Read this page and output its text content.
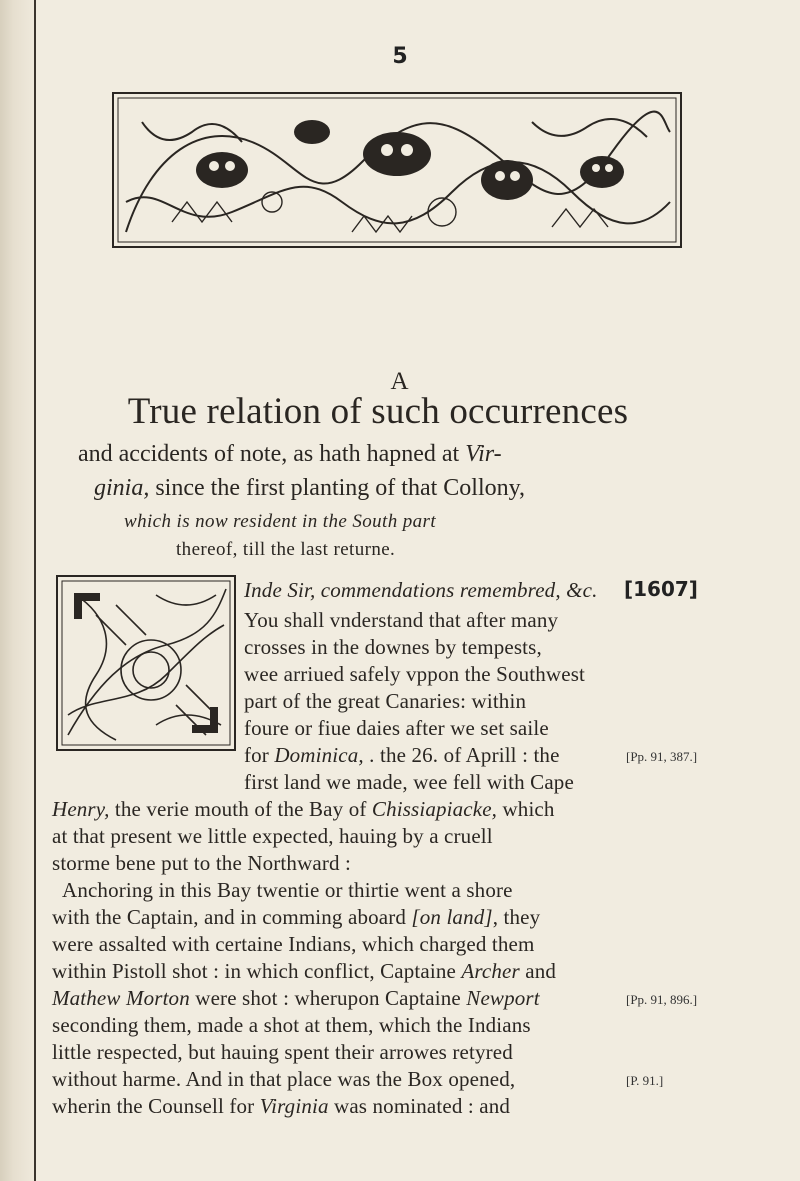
5
A
True relation of such occurrences
and accidents of note, as hath hapned at Vir-
ginia, since the first planting of that Collony,
which is now resident in the South part
thereof, till the last returne.
[1607]
Inde Sir, commendations remembred, &c.
You shall vnderstand that after many
crosses in the downes by tempests,
wee arriued safely vppon the Southwest
part of the great Canaries: within
foure or fiue daies after we set saile
for Dominica, . the 26. of Aprill : the	[Pp. 91, 387.]
first land we made, wee fell with Cape
Henry, the verie mouth of the Bay of Chissiapiacke, which
at that present we little expected, hauing by a cruell
storme bene put to the Northward :
Anchoring in this Bay twentie or thirtie went a shore
with the Captain, and in comming aboard [on land], they
were assalted with certaine Indians, which charged them
within Pistoll shot : in which conflict, Captaine Archer and
Mathew Morton were shot : wherupon Captaine Newport	[Pp. 91, 896.]
seconding them, made a shot at them, which the Indians
little respected, but hauing spent their arrowes retyred
without harme. And in that place was the Box opened,	[P. 91.]
wherin the Counsell for Virginia was nominated : and
